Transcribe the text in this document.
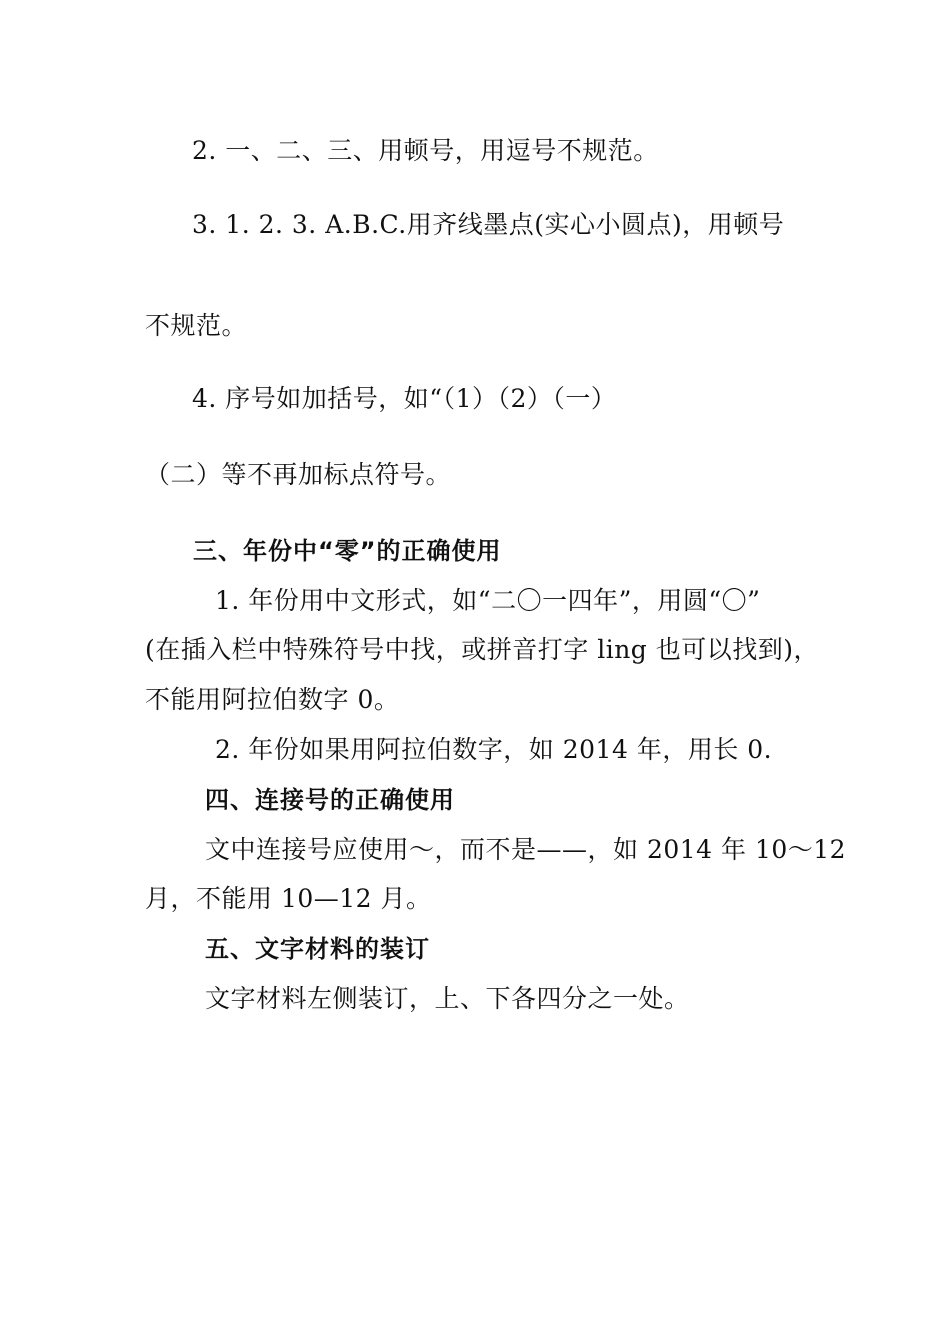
2. 一、二、三、用顿号，用逗号不规范。
3. 1. 2. 3. A.B.C.用齐线墨点(实心小圆点)，用顿号
不规范。
4. 序号如加括号，如“（1）（2）（一）
（二）等不再加标点符号。
三、年份中“零”的正确使用
1. 年份用中文形式，如“二〇一四年”，用圆“〇”
(在插入栏中特殊符号中找，或拼音打字 ling 也可以找到)，
不能用阿拉伯数字 0。
2. 年份如果用阿拉伯数字，如 2014 年，用长 0.
四、连接号的正确使用
文中连接号应使用～，而不是——，如 2014 年 10～12
月，不能用 10—12 月。
五、文字材料的装订
文字材料左侧装订，上、下各四分之一处。
